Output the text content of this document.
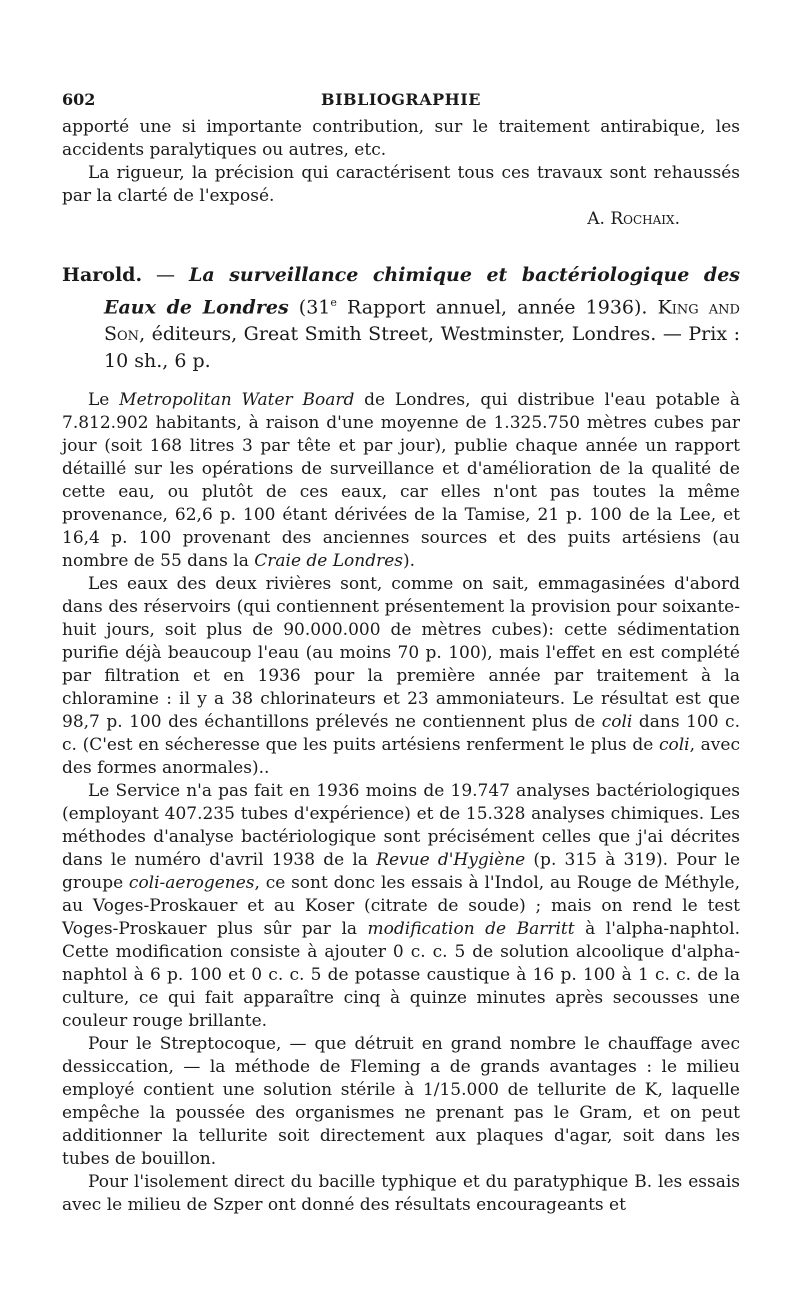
BIBLIOGRAPHIE
602

apporté une si importante contribution, sur le traitement antirabique, les accidents paralytiques ou autres, etc.

La rigueur, la précision qui caractérisent tous ces travaux sont rehaussés par la clarté de l'exposé.

A. Rochaix.
Harold. — La surveillance chimique et bactériologique des Eaux de Londres (31e Rapport annuel, année 1936). King and Son, éditeurs, Great Smith Street, Westminster, Londres. — Prix : 10 sh., 6 p.

Le Metropolitan Water Board de Londres, qui distribue l'eau potable à 7.812.902 habitants, à raison d'une moyenne de 1.325.750 mètres cubes par jour (soit 168 litres 3 par tête et par jour), publie chaque année un rapport détaillé sur les opérations de surveillance et d'amélioration de la qualité de cette eau, ou plutôt de ces eaux, car elles n'ont pas toutes la même provenance, 62,6 p. 100 étant dérivées de la Tamise, 21 p. 100 de la Lee, et 16,4 p. 100 provenant des anciennes sources et des puits artésiens (au nombre de 55 dans la Craie de Londres).

Les eaux des deux rivières sont, comme on sait, emmagasinées d'abord dans des réservoirs (qui contiennent présentement la provision pour soixante-huit jours, soit plus de 90.000.000 de mètres cubes): cette sédimentation purifie déjà beaucoup l'eau (au moins 70 p. 100), mais l'effet en est complété par filtration et en 1936 pour la première année par traitement à la chloramine : il y a 38 chlorinateurs et 23 ammoniateurs. Le résultat est que 98,7 p. 100 des échantillons prélevés ne contiennent plus de coli dans 100 c. c. (C'est en sécheresse que les puits artésiens renferment le plus de coli, avec des formes anormales)..

Le Service n'a pas fait en 1936 moins de 19.747 analyses bactériologiques (employant 407.235 tubes d'expérience) et de 15.328 analyses chimiques. Les méthodes d'analyse bactériologique sont précisément celles que j'ai décrites dans le numéro d'avril 1938 de la Revue d'Hygiène (p. 315 à 319). Pour le groupe coli-aerogenes, ce sont donc les essais à l'Indol, au Rouge de Méthyle, au Voges-Proskauer et au Koser (citrate de soude) ; mais on rend le test Voges-Proskauer plus sûr par la modification de Barritt à l'alpha-naphtol. Cette modification consiste à ajouter 0 c. c. 5 de solution alcoolique d'alpha-naphtol à 6 p. 100 et 0 c. c. 5 de potasse caustique à 16 p. 100 à 1 c. c. de la culture, ce qui fait apparaître cinq à quinze minutes après secousses une couleur rouge brillante.

Pour le Streptocoque, — que détruit en grand nombre le chauffage avec dessiccation, — la méthode de Fleming a de grands avantages : le milieu employé contient une solution stérile à 1/15.000 de tellurite de K, laquelle empêche la poussée des organismes ne prenant pas le Gram, et on peut additionner la tellurite soit directement aux plaques d'agar, soit dans les tubes de bouillon.

Pour l'isolement direct du bacille typhique et du paratyphique B. les essais avec le milieu de Szper ont donné des résultats encourageants et
